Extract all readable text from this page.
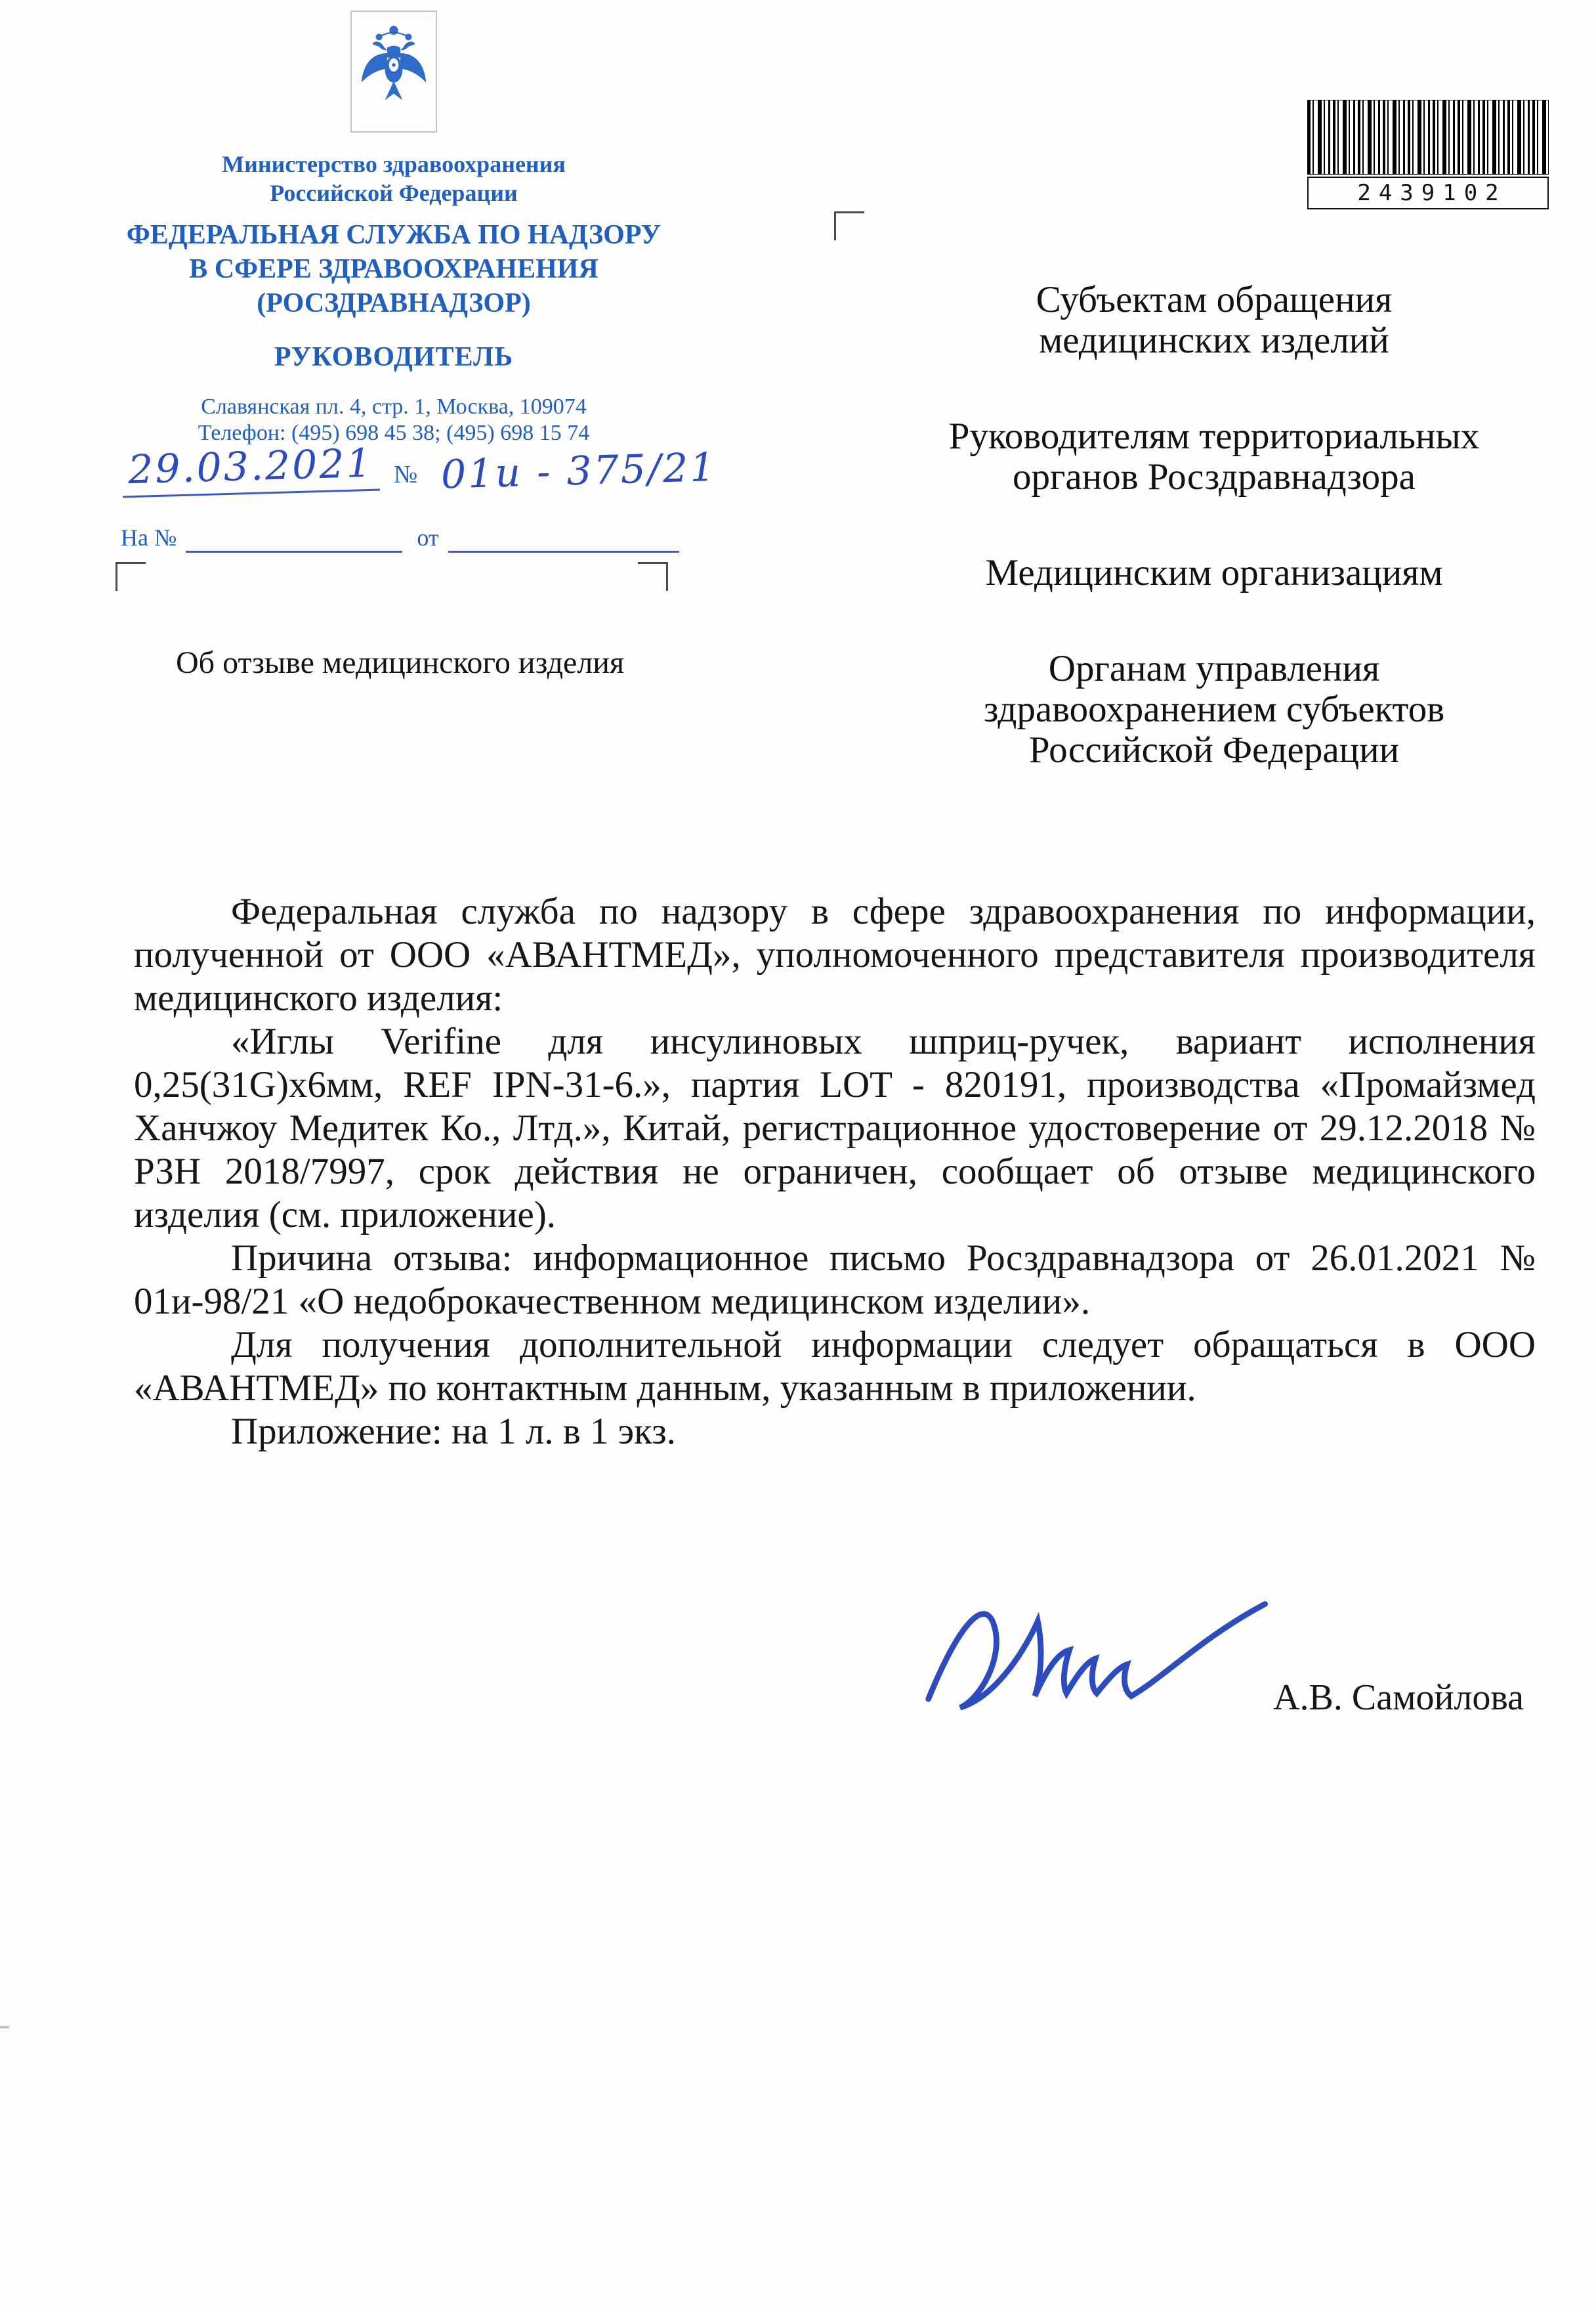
Министерство здравоохранения
Российской Федерации
ФЕДЕРАЛЬНАЯ СЛУЖБА ПО НАДЗОРУ
В СФЕРЕ ЗДРАВООХРАНЕНИЯ
(РОСЗДРАВНАДЗОР)
РУКОВОДИТЕЛЬ
Славянская пл. 4, стр. 1, Москва, 109074
Телефон: (495) 698 45 38; (495) 698 15 74
29.03.2021 № 01и - 375/21
На №	от
2439102
Субъектам обращения
медицинских изделий
Руководителям территориальных
органов Росздравнадзора
Медицинским организациям
Органам управления
здравоохранением субъектов
Российской Федерации
Об отзыве медицинского изделия

Федеральная служба по надзору в сфере здравоохранения по информации, полученной от ООО «АВАНТМЕД», уполномоченного представителя производителя медицинского изделия:

«Иглы Verifine для инсулиновых шприц-ручек, вариант исполнения 0,25(31G)х6мм, REF IPN-31-6.», партия LOT - 820191, производства «Промайзмед Ханчжоу Медитек Ко., Лтд.», Китай, регистрационное удостоверение от 29.12.2018 № РЗН 2018/7997, срок действия не ограничен, сообщает об отзыве медицинского изделия (см. приложение).

Причина отзыва: информационное письмо Росздравнадзора от 26.01.2021 № 01и-98/21 «О недоброкачественном медицинском изделии».

Для получения дополнительной информации следует обращаться в ООО «АВАНТМЕД» по контактным данным, указанным в приложении.

Приложение: на 1 л. в 1 экз.

А.В. Самойлова
